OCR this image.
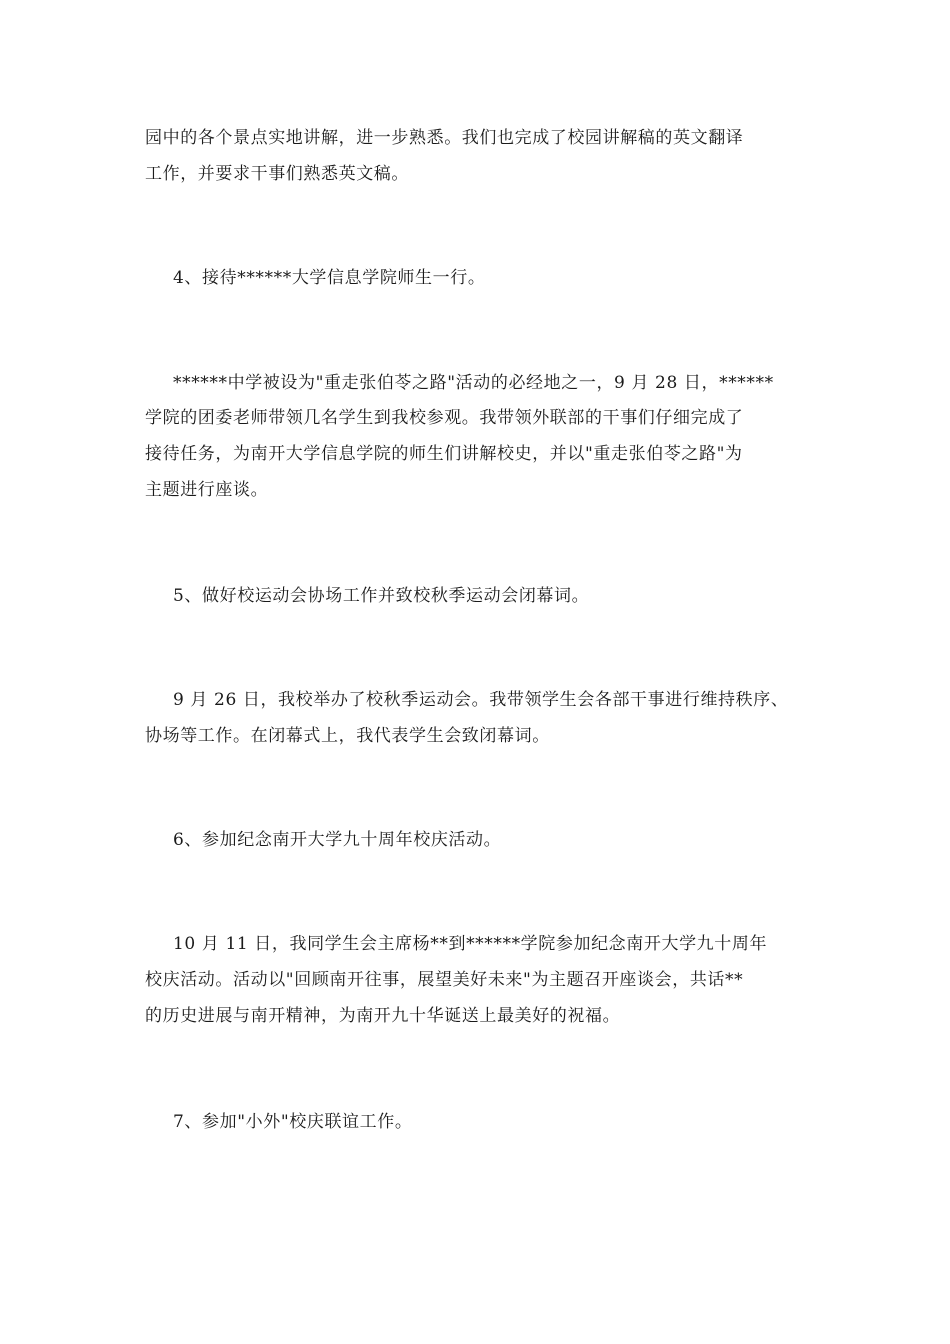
园中的各个景点实地讲解，进一步熟悉。我们也完成了校园讲解稿的英文翻译
工作，并要求干事们熟悉英文稿。
4、接待******大学信息学院师生一行。
******中学被设为"重走张伯苓之路"活动的必经地之一，9 月 28 日，******
学院的团委老师带领几名学生到我校参观。我带领外联部的干事们仔细完成了
接待任务，为南开大学信息学院的师生们讲解校史，并以"重走张伯苓之路"为
主题进行座谈。
5、做好校运动会协场工作并致校秋季运动会闭幕词。
9 月 26 日，我校举办了校秋季运动会。我带领学生会各部干事进行维持秩序、
协场等工作。在闭幕式上，我代表学生会致闭幕词。
6、参加纪念南开大学九十周年校庆活动。
10 月 11 日，我同学生会主席杨**到******学院参加纪念南开大学九十周年
校庆活动。活动以"回顾南开往事，展望美好未来"为主题召开座谈会，共话**
的历史进展与南开精神，为南开九十华诞送上最美好的祝福。
7、参加"小外"校庆联谊工作。
